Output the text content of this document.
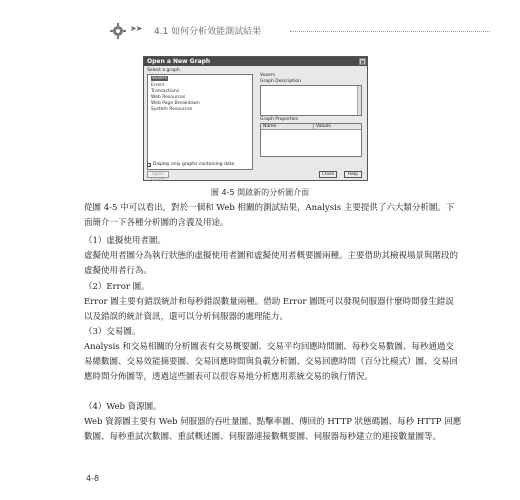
➤➤ 4.1 如何分析效能測試結果
Open a New Graph	×
Select a graph
Vusers
Errors
Transactions
Web Resources
Web Page Breakdown
System Resources
Vusers
Graph Description
Graph Properties
Name	Values
✓ Display only graphs containing data
Open Graph
Close	Help
圖 4-5 開啟新的分析圖介面
從圖 4-5 中可以看出，對於一個和 Web 相關的測試結果，Analysis 主要提供了六大類分析圖。下面簡介一下各種分析圖的含義及用途。
（1）虛擬使用者圖。
虛擬使用者圖分為執行狀態的虛擬使用者圖和虛擬使用者概要圖兩種。主要借助其檢視場景與階段的虛擬使用者行為。
（2）Error 圖。
Error 圖主要有錯誤統計和每秒錯誤數量兩種。借助 Error 圖既可以發現伺服器什麼時間發生錯誤以及錯誤的統計資訊，還可以分析伺服器的處理能力。
（3）交易圖。
Analysis 和交易相關的分析圖表有交易概要圖、交易平均回應時間圖、每秒交易數圖、每秒通過交易總數圖、交易效能摘要圖、交易回應時間與負載分析圖、交易回應時間（百分比模式）圖、交易回應時間分佈圖等，透過這些圖表可以很容易地分析應用系統交易的執行情況。
（4）Web 資源圖。
Web 資源圖主要有 Web 伺服器的吞吐量圖、點擊率圖、傳回的 HTTP 狀態碼圖、每秒 HTTP 回應數圖、每秒重試次數圖、重試概述圖、伺服器連接數概要圖、伺服器每秒建立的連接數量圖等。
4-8
